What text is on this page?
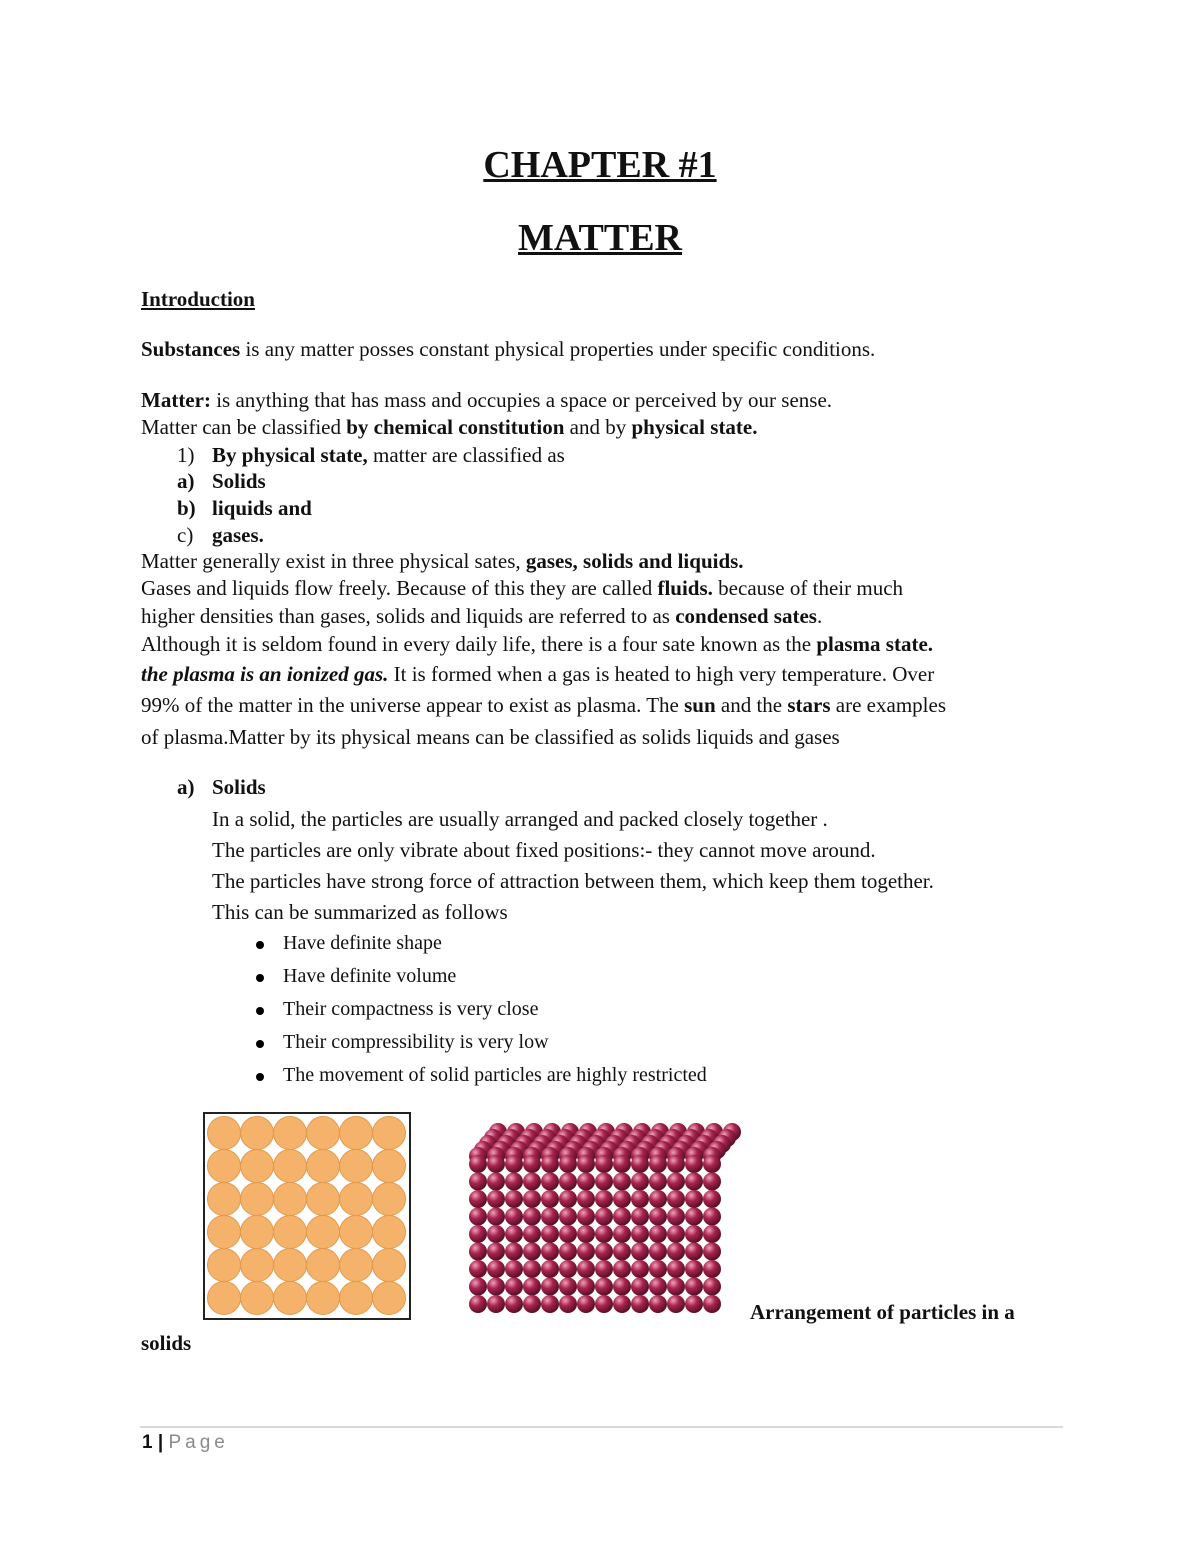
CHAPTER #1
MATTER
Introduction
Substances is any matter posses constant physical properties under specific conditions.
Matter: is anything that has mass and occupies a space or perceived by our sense.
Matter can be classified by chemical constitution and by physical state.
1) By physical state, matter are classified as
a) Solids
b) liquids and
c) gases.
Matter generally exist in three physical sates, gases, solids and liquids.
Gases and liquids flow freely. Because of this they are called fluids. because of their much
higher densities than gases, solids and liquids are referred to as condensed sates.
Although it is seldom found in every daily life, there is a four sate known as the plasma state.
the plasma is an ionized gas. It is formed when a gas is heated to high very temperature. Over
99% of the matter in the universe appear to exist as plasma. The sun and the stars are examples
of plasma.Matter by its physical means can be classified as solids liquids and gases
a) Solids
In a solid, the particles are usually arranged and packed closely together .
The particles are only vibrate about fixed positions:- they cannot move around.
The particles have strong force of attraction between them, which keep them together.
This can be summarized as follows
Have definite shape
Have definite volume
Their compactness is very close
Their compressibility is very low
The movement of solid particles are highly restricted
Arrangement of particles in a
solids
1 | Page
